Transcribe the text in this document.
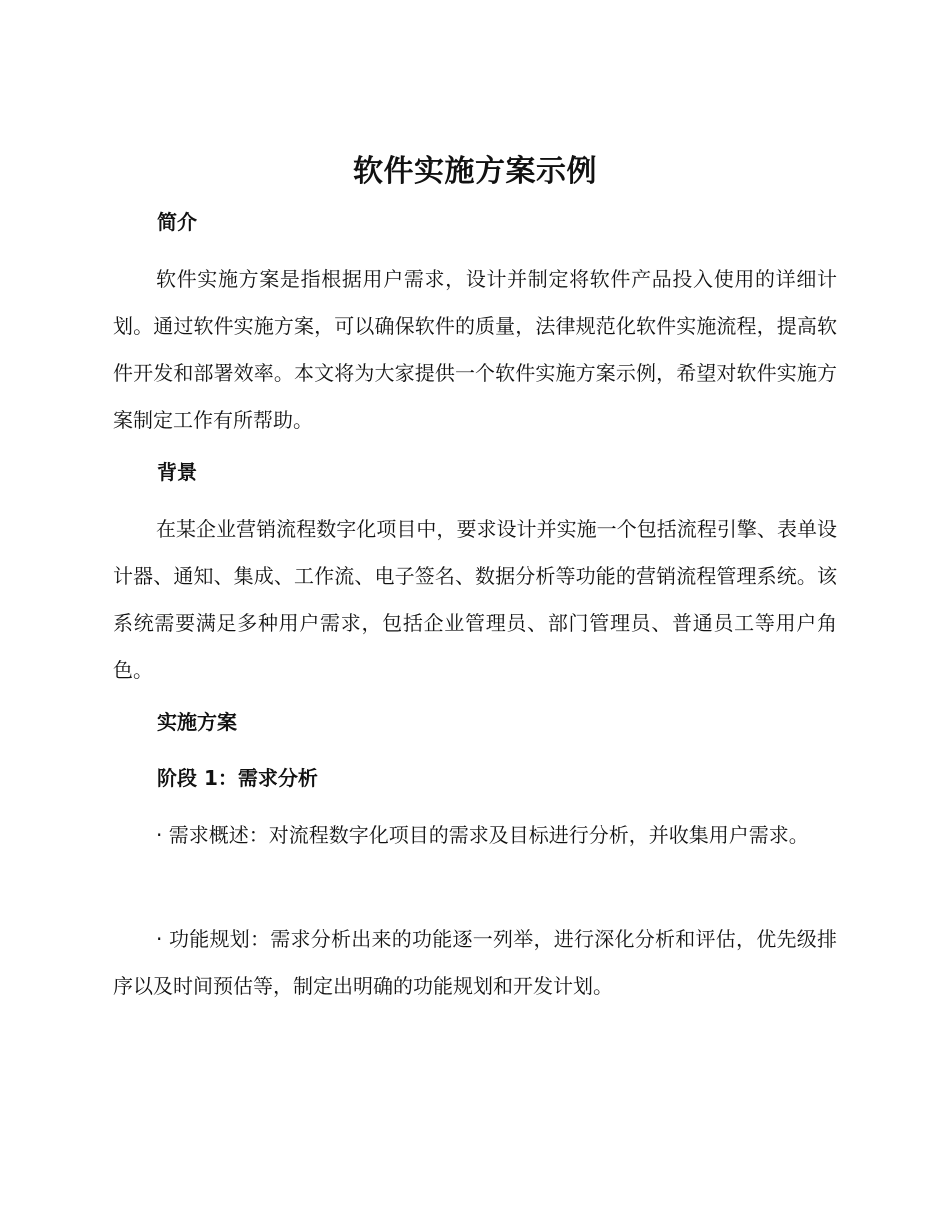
软件实施方案示例
简介

软件实施方案是指根据用户需求，设计并制定将软件产品投入使用的详细计划。通过软件实施方案，可以确保软件的质量，法律规范化软件实施流程，提高软件开发和部署效率。本文将为大家提供一个软件实施方案示例，希望对软件实施方案制定工作有所帮助。

背景

在某企业营销流程数字化项目中，要求设计并实施一个包括流程引擎、表单设计器、通知、集成、工作流、电子签名、数据分析等功能的营销流程管理系统。该系统需要满足多种用户需求，包括企业管理员、部门管理员、普通员工等用户角色。

实施方案
阶段 1：需求分析

· 需求概述：对流程数字化项目的需求及目标进行分析，并收集用户需求。

· 功能规划：需求分析出来的功能逐一列举，进行深化分析和评估，优先级排序以及时间预估等，制定出明确的功能规划和开发计划。
